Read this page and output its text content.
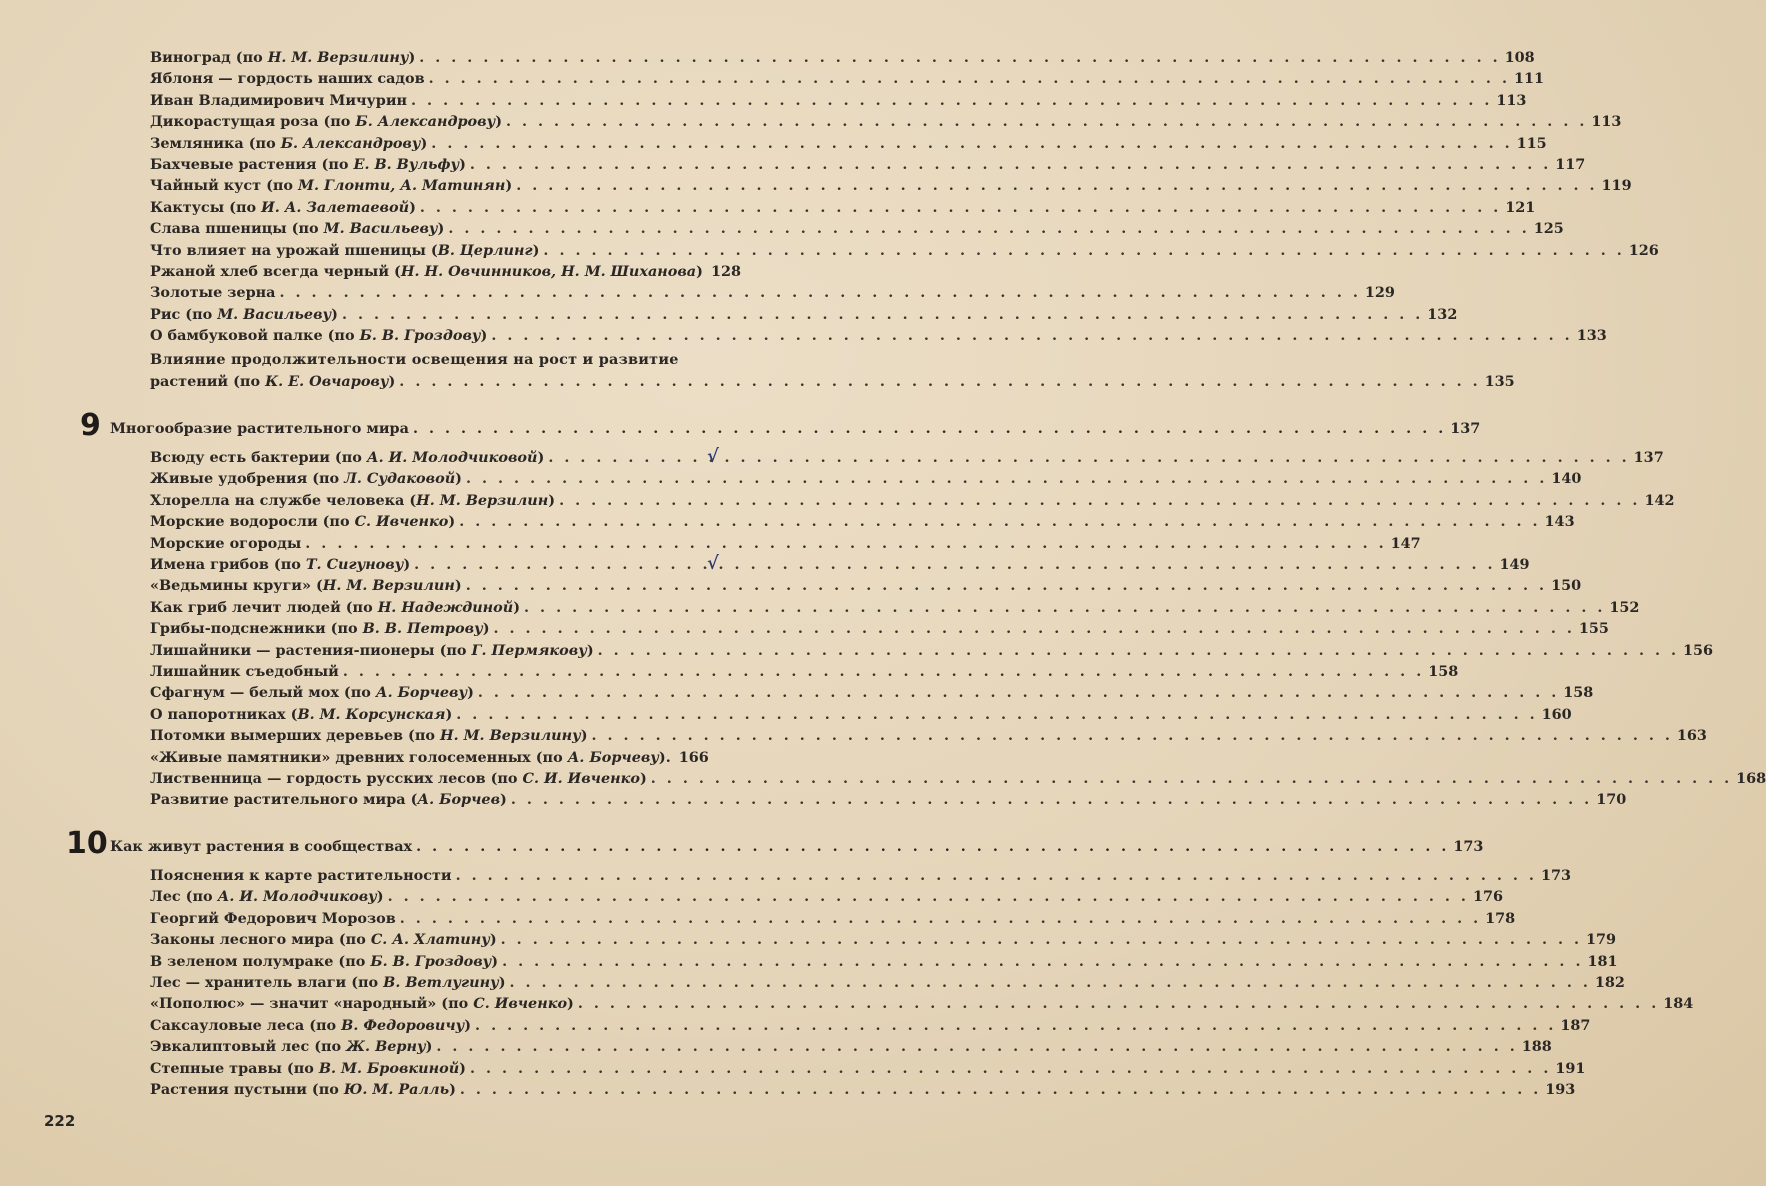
Виноград (по Н. М. Верзилину) . . .	108
Яблоня — гордость наших садов . . .	111
Иван Владимирович Мичурин . . .	113
Дикорастущая роза (по Б. Александрову) . . .	113
Земляника (по Б. Александрову) . . .	115
Бахчевые растения (по Е. В. Вульфу) . . .	117
Чайный куст (по М. Глонти, А. Матинян) . . .	119
Кактусы (по И. А. Залетаевой) . . .	121
Слава пшеницы (по М. Васильеву) . . .	125
Что влияет на урожай пшеницы (В. Церлинг) . . .	126
Ржаной хлеб всегда черный (Н. Н. Овчинников, Н. М. Шиханова) 128
Золотые зерна . . .	129
Рис (по М. Васильеву) . . .	132
О бамбуковой палке (по Б. В. Гроздову) . . .	133
Влияние продолжительности освещения на рост и развитие
растений (по К. Е. Овчарову) . . .	135
9 Многообразие растительного мира . . .	137
Всюду есть бактерии (по А. И. Молодчиковой) . . .	137
Живые удобрения (по Л. Судаковой) . . .	140
Хлорелла на службе человека (Н. М. Верзилин) . . .	142
Морские водоросли (по С. Ивченко) . . .	143
Морские огороды . . .	147
Имена грибов (по Т. Сигунову) . . .	149
«Ведьмины круги» (Н. М. Верзилин) . . .	150
Как гриб лечит людей (по Н. Надеждиной) . . .	152
Грибы-подснежники (по В. В. Петрову) . . .	155
Лишайники — растения-пионеры (по Г. Пермякову) . . .	156
Лишайник съедобный . . .	158
Сфагнум — белый мох (по А. Борчеву) . . .	158
О папоротниках (В. М. Корсунская) . . .	160
Потомки вымерших деревьев (по Н. М. Верзилину) . . .	163
«Живые памятники» древних голосеменных (по А. Борчеву). 166
Лиственница — гордость русских лесов (по С. И. Ивченко) . . .	168
Развитие растительного мира (А. Борчев) . . .	170
10 Как живут растения в сообществах . . .	173
Пояснения к карте растительности . . .	173
Лес (по А. И. Молодчикову) . . .	176
Георгий Федорович Морозов . . .	178
Законы лесного мира (по С. А. Хлатину) . . .	179
В зеленом полумраке (по Б. В. Гроздову) . . .	181
Лес — хранитель влаги (по В. Ветлугину) . . .	182
«Пополюс» — значит «народный» (по С. Ивченко) . . .	184
Саксауловые леса (по В. Федоровичу) . . .	187
Эвкалиптовый лес (по Ж. Верну) . . .	188
Степные травы (по В. М. Бровкиной) . . .	191
Растения пустыни (по Ю. М. Ралль) . . .	193
√
√
222
